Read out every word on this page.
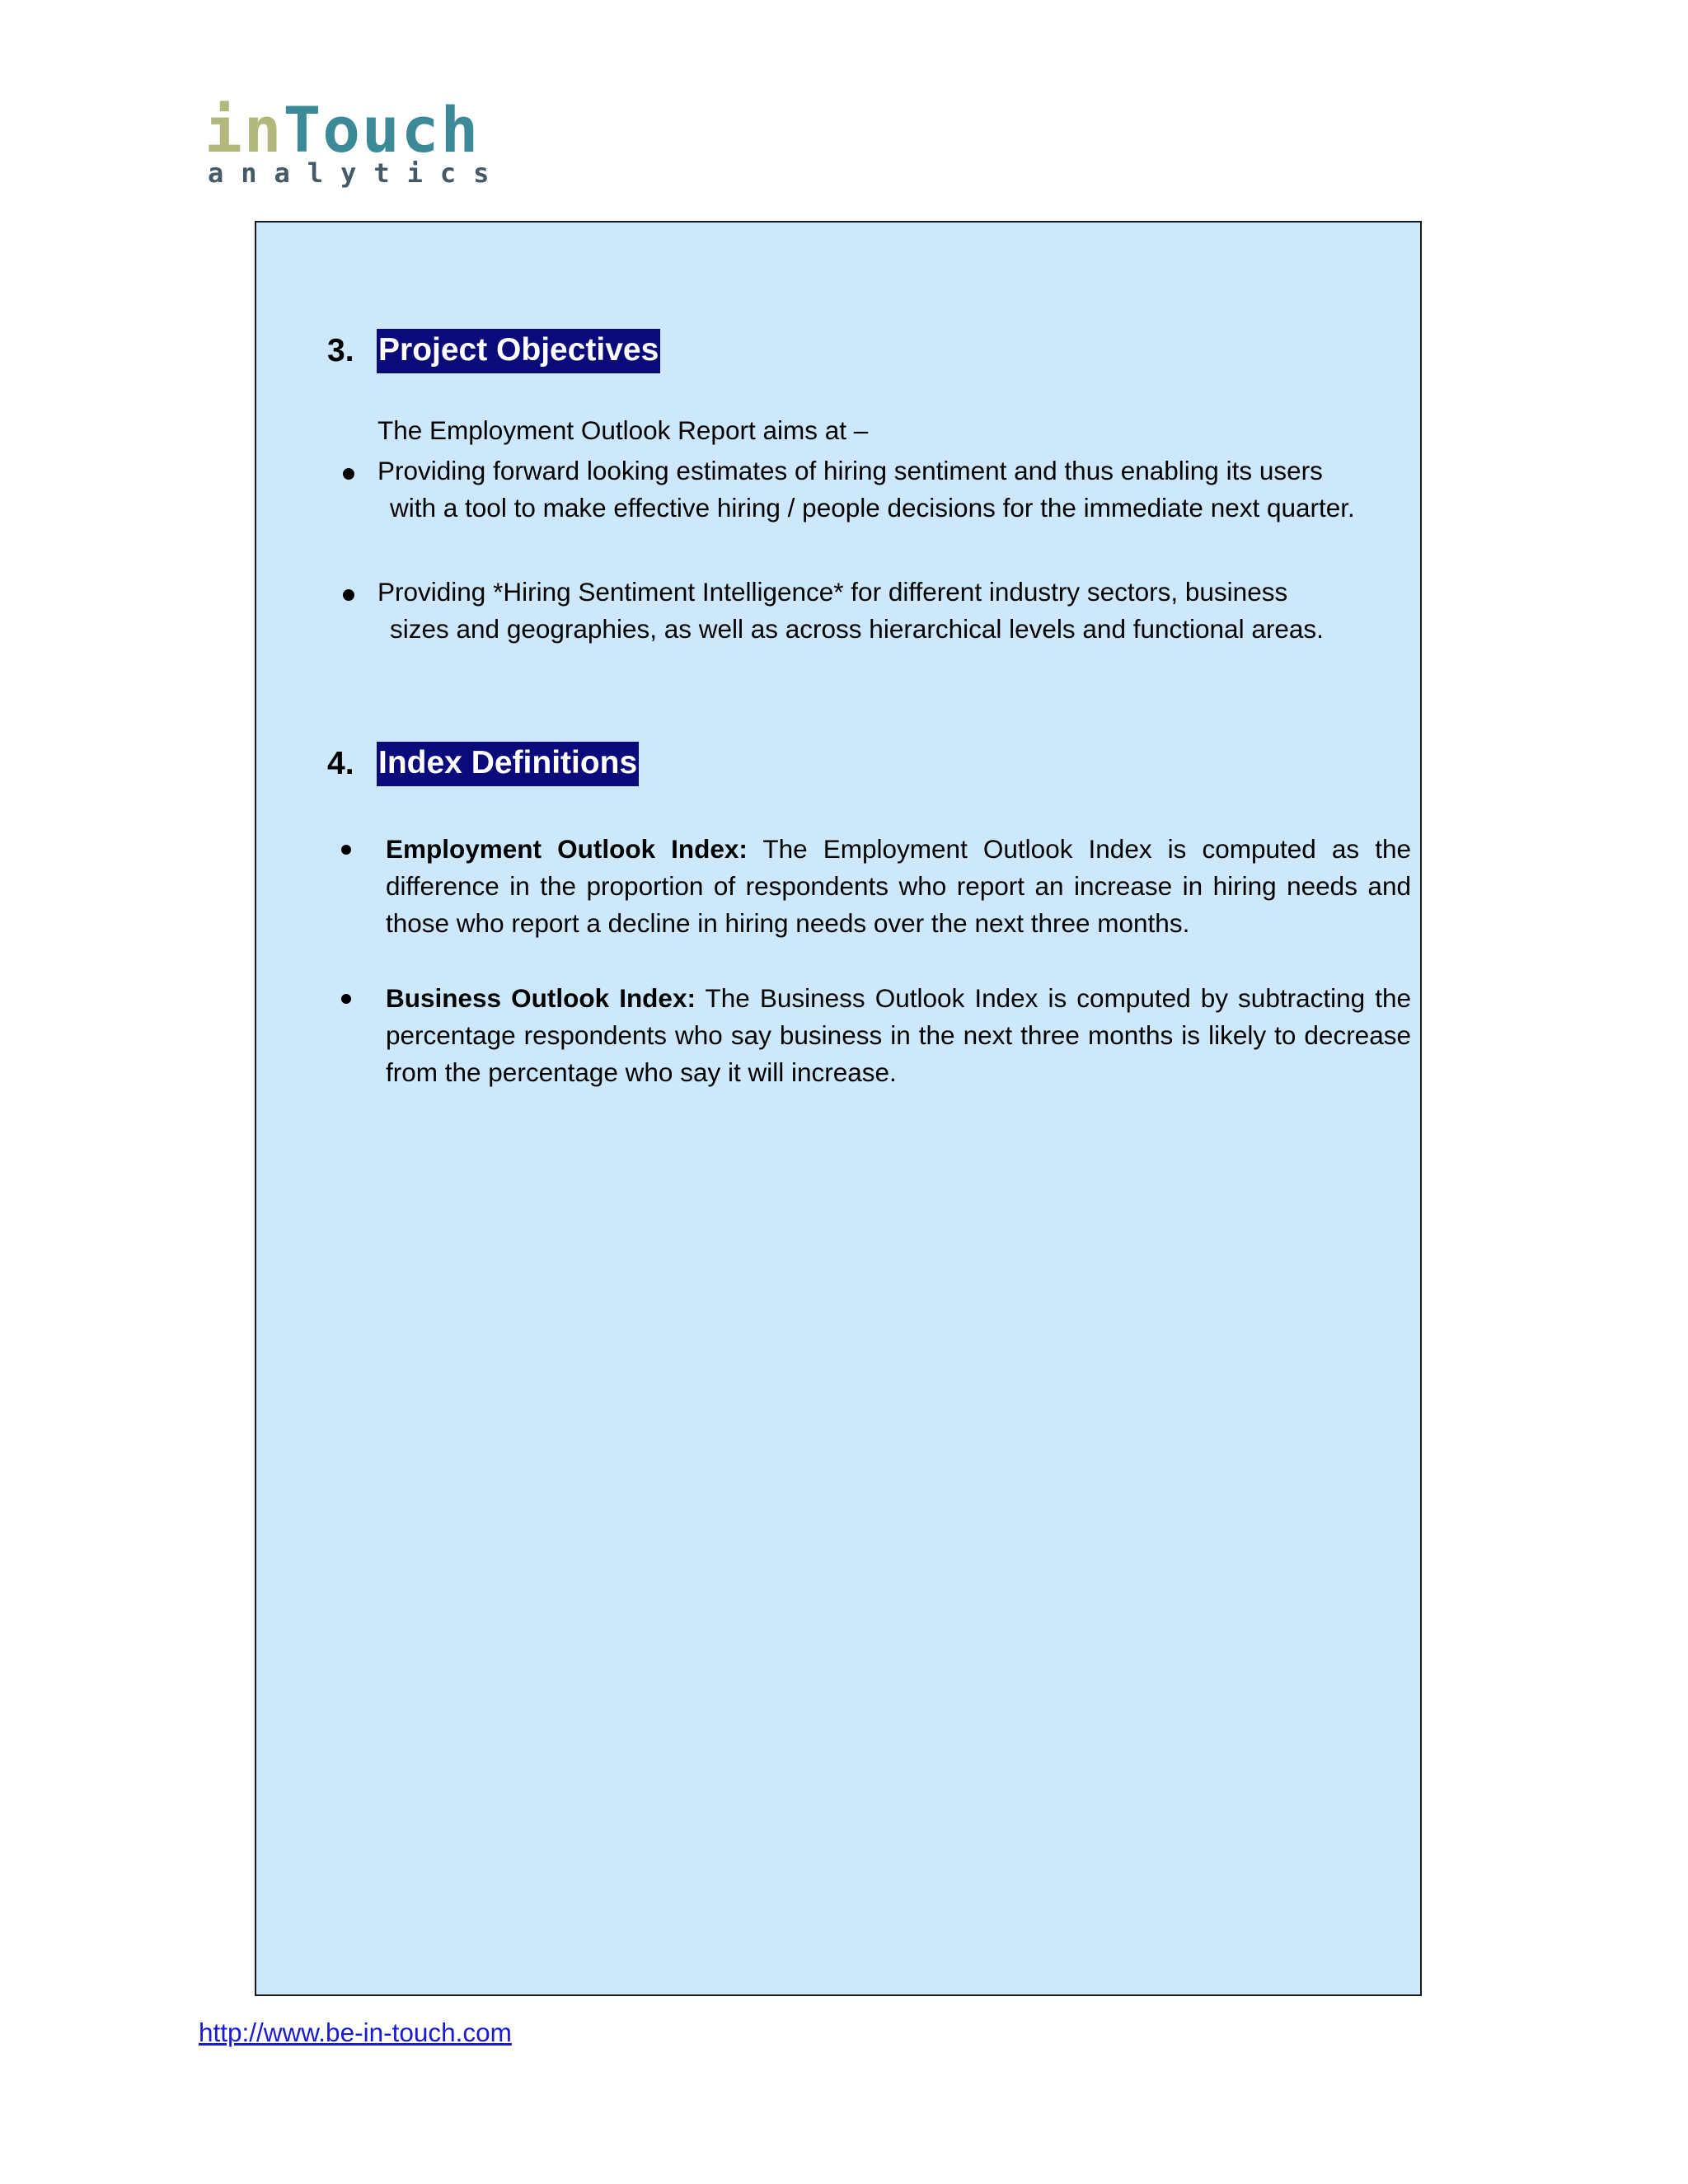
inTouch
analytics
3. Project Objectives
The Employment Outlook Report aims at –
Providing forward looking estimates of hiring sentiment and thus enabling its users
with a tool to make effective hiring / people decisions for the immediate next quarter.
Providing *Hiring Sentiment Intelligence* for different industry sectors, business
sizes and geographies, as well as across hierarchical levels and functional areas.
4. Index Definitions
Employment Outlook Index: The Employment Outlook Index is computed as the difference in the proportion of respondents who report an increase in hiring needs and those who report a decline in hiring needs over the next three months.
Business Outlook Index: The Business Outlook Index is computed by subtracting the percentage respondents who say business in the next three months is likely to decrease from the percentage who say it will increase.
http://www.be-in-touch.com
